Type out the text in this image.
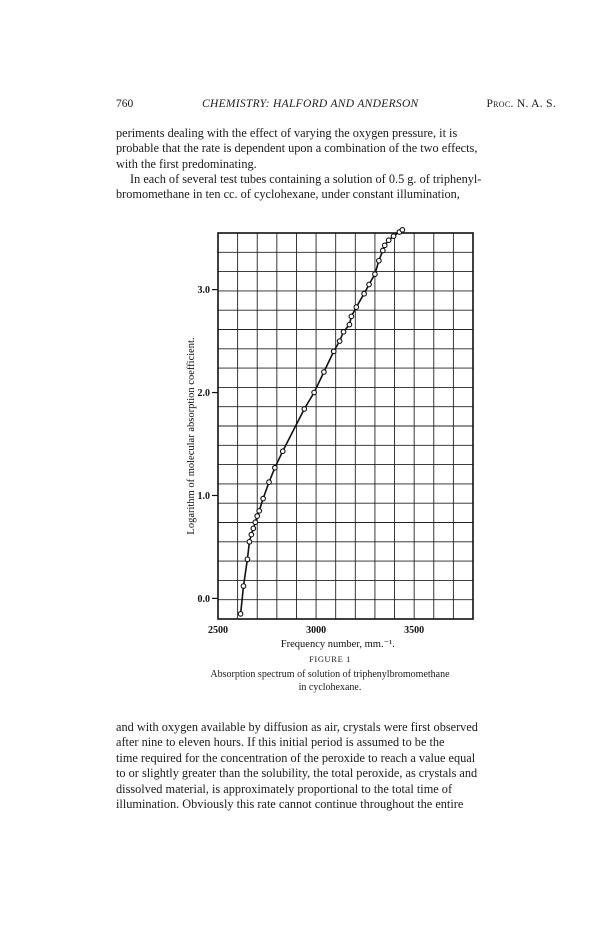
760	CHEMISTRY: HALFORD AND ANDERSON	Proc. N. A. S.

periments dealing with the effect of varying the oxygen pressure, it is
probable that the rate is dependent upon a combination of the two effects,
with the first predominating.

In each of several test tubes containing a solution of 0.5 g. of triphenyl-
bromomethane in ten cc. of cyclohexane, under constant illumination,

0.0
1.0
2.0
3.0
2500	3000	3500
Logarithm of molecular absorption coefficient.
Frequency number, mm.⁻¹.
FIGURE 1
Absorption spectrum of solution of triphenylbromomethane
in cyclohexane.

and with oxygen available by diffusion as air, crystals were first observed
after nine to eleven hours. If this initial period is assumed to be the
time required for the concentration of the peroxide to reach a value equal
to or slightly greater than the solubility, the total peroxide, as crystals and
dissolved material, is approximately proportional to the total time of
illumination. Obviously this rate cannot continue throughout the entire
